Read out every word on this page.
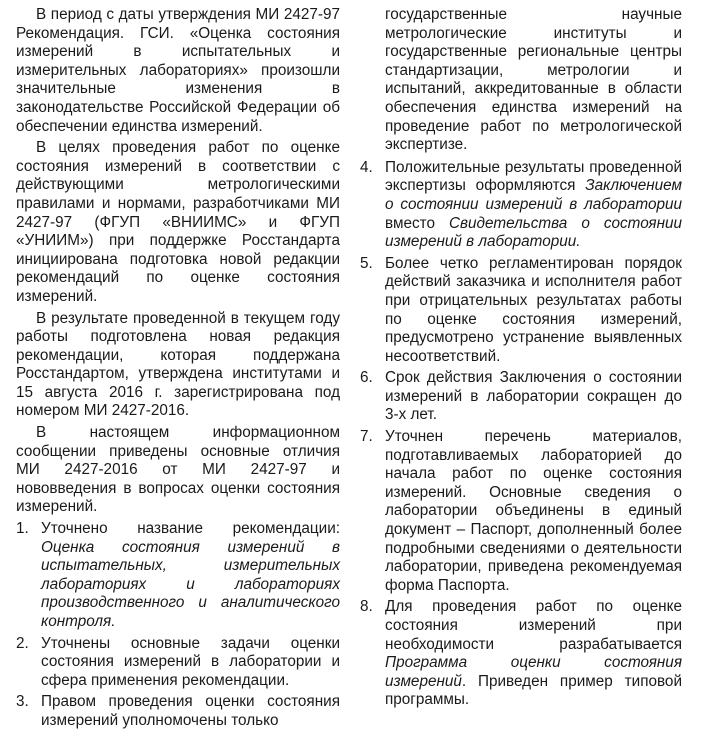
В период с даты утверждения МИ 2427-97 Рекомендация. ГСИ. «Оценка состояния измерений в испытательных и измерительных лабораториях» произошли значительные изменения в законодательстве Российской Федерации об обеспечении единства измерений.

В целях проведения работ по оценке состояния измерений в соответствии с действующими метрологическими правилами и нормами, разработчиками МИ 2427-97 (ФГУП «ВНИИМС» и ФГУП «УНИИМ») при поддержке Росстандарта инициирована подготовка новой редакции рекомендаций по оценке состояния измерений.

В результате проведенной в текущем году работы подготовлена новая редакция рекомендации, которая поддержана Росстандартом, утверждена институтами и 15 августа 2016 г. зарегистрирована под номером МИ 2427-2016.

В настоящем информационном сообщении приведены основные отличия МИ 2427-2016 от МИ 2427-97 и нововведения в вопросах оценки состояния измерений.

1. Уточнено название рекомендации: Оценка состояния измерений в испытательных, измерительных лабораториях и лабораториях производственного и аналитического контроля.
2. Уточнены основные задачи оценки состояния измерений в лаборатории и сфера применения рекомендации.
3. Правом проведения оценки состояния измерений уполномочены только
государственные научные метрологические институты и государственные региональные центры стандартизации, метрологии и испытаний, аккредитованные в области обеспечения единства измерений на проведение работ по метрологической экспертизе.
4. Положительные результаты проведенной экспертизы оформляются Заключением о состоянии измерений в лаборатории вместо Свидетельства о состоянии измерений в лаборатории.
5. Более четко регламентирован порядок действий заказчика и исполнителя работ при отрицательных результатах работы по оценке состояния измерений, предусмотрено устранение выявленных несоответствий.
6. Срок действия Заключения о состоянии измерений в лаборатории сокращен до 3-х лет.
7. Уточнен перечень материалов, подготавливаемых лабораторией до начала работ по оценке состояния измерений. Основные сведения о лаборатории объединены в единый документ – Паспорт, дополненный более подробными сведениями о деятельности лаборатории, приведена рекомендуемая форма Паспорта.
8. Для проведения работ по оценке состояния измерений при необходимости разрабатывается Программа оценки состояния измерений. Приведен пример типовой программы.
